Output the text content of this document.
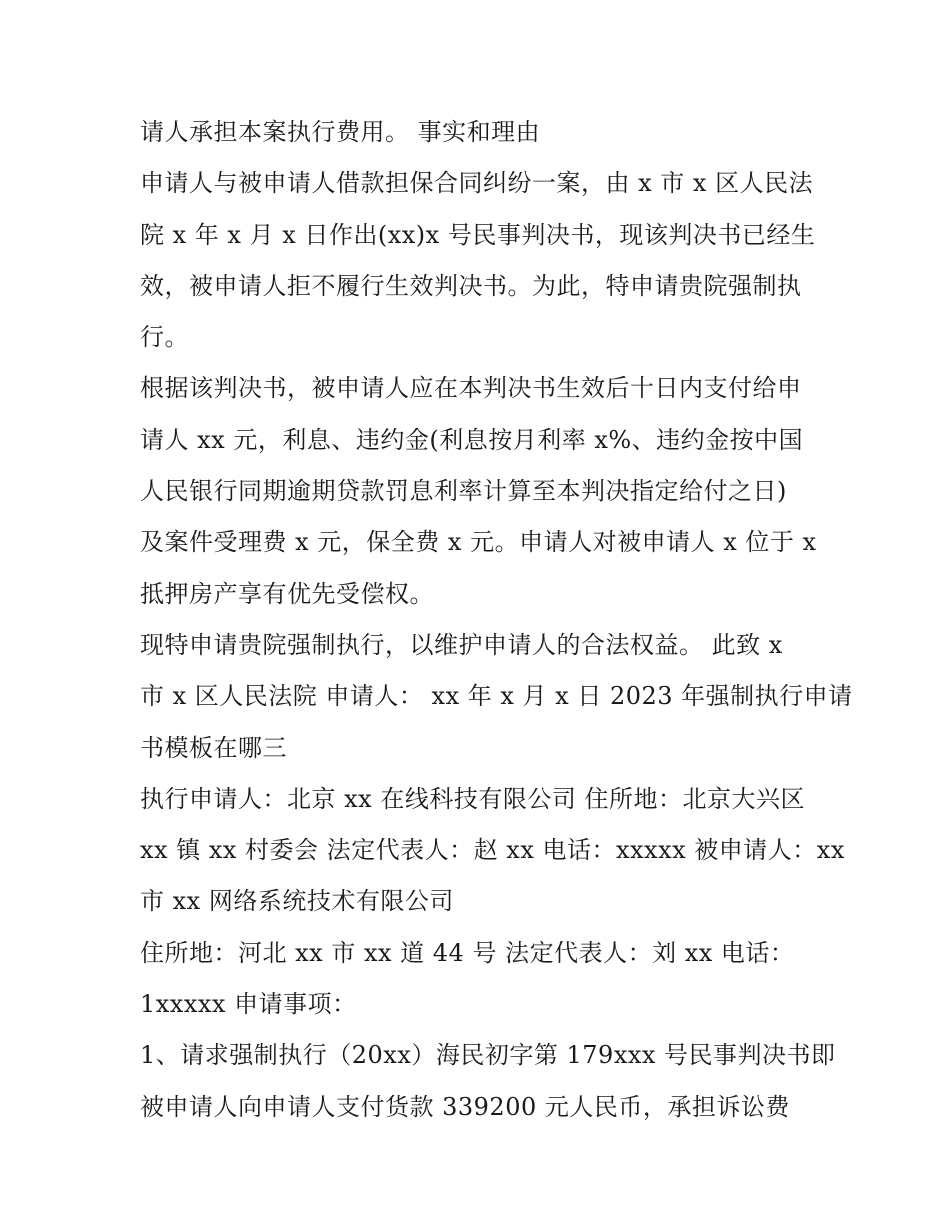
请人承担本案执行费用。 事实和理由
申请人与被申请人借款担保合同纠纷一案，由 x 市 x 区人民法
院 x 年 x 月 x 日作出(xx)x 号民事判决书，现该判决书已经生
效，被申请人拒不履行生效判决书。为此，特申请贵院强制执
行。
根据该判决书，被申请人应在本判决书生效后十日内支付给申
请人 xx 元，利息、违约金(利息按月利率 x%、违约金按中国
人民银行同期逾期贷款罚息利率计算至本判决指定给付之日)
及案件受理费 x 元，保全费 x 元。申请人对被申请人 x 位于 x
抵押房产享有优先受偿权。
现特申请贵院强制执行，以维护申请人的合法权益。 此致 x
市 x 区人民法院 申请人： xx 年 x 月 x 日 2023 年强制执行申请
书模板在哪三
执行申请人：北京 xx 在线科技有限公司 住所地：北京大兴区
xx 镇 xx 村委会 法定代表人：赵 xx 电话：xxxxx 被申请人：xx
市 xx 网络系统技术有限公司
住所地：河北 xx 市 xx 道 44 号 法定代表人：刘 xx 电话：
1xxxxx 申请事项：
1、请求强制执行（20xx）海民初字第 179xxx 号民事判决书即
被申请人向申请人支付货款 339200 元人民币，承担诉讼费
